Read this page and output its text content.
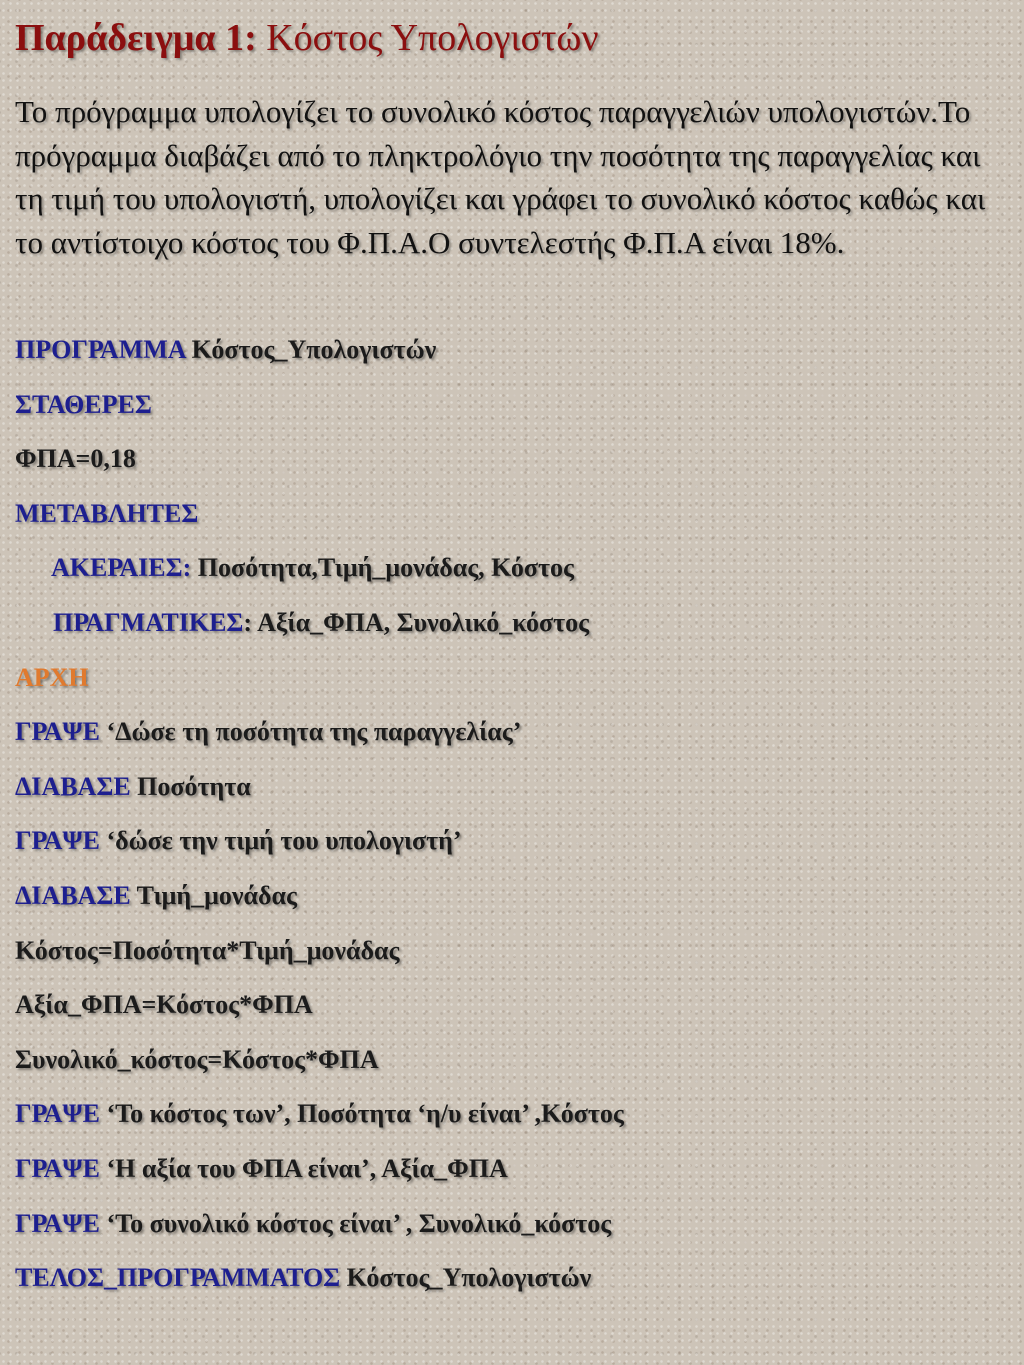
Παράδειγμα 1: Κόστος Υπολογιστών

Το πρόγραμμα υπολογίζει το συνολικό κόστος παραγγελιών υπολογιστών.Το πρόγραμμα διαβάζει από το πληκτρολόγιο την ποσότητα της παραγγελίας και τη τιμή του υπολογιστή, υπολογίζει και γράφει το συνολικό κόστος καθώς και το αντίστοιχο κόστος του Φ.Π.Α.Ο συντελεστής Φ.Π.Α είναι 18%.

ΠΡΟΓΡΑΜΜΑ Κόστος_Υπολογιστών
ΣΤΑΘΕΡΕΣ
ΦΠΑ=0,18
ΜΕΤΑΒΛΗΤΕΣ
ΑΚΕΡΑΙΕΣ: Ποσότητα,Τιμή_μονάδας, Κόστος
ΠΡΑΓΜΑΤΙΚΕΣ: Αξία_ΦΠΑ, Συνολικό_κόστος
ΑΡΧΗ
ΓΡΑΨΕ ‘Δώσε τη ποσότητα της παραγγελίας’
ΔΙΑΒΑΣΕ Ποσότητα
ΓΡΑΨΕ ‘δώσε την τιμή του υπολογιστή’
ΔΙΑΒΑΣΕ Τιμή_μονάδας
Κόστος=Ποσότητα*Τιμή_μονάδας
Αξία_ΦΠΑ=Κόστος*ΦΠΑ
Συνολικό_κόστος=Κόστος*ΦΠΑ
ΓΡΑΨΕ ‘Το κόστος των’, Ποσότητα ‘η/υ είναι’ ,Κόστος
ΓΡΑΨΕ ‘Η αξία του ΦΠΑ είναι’, Αξία_ΦΠΑ
ΓΡΑΨΕ ‘Το συνολικό κόστος είναι’ , Συνολικό_κόστος
ΤΕΛΟΣ_ΠΡΟΓΡΑΜΜΑΤΟΣ Κόστος_Υπολογιστών
